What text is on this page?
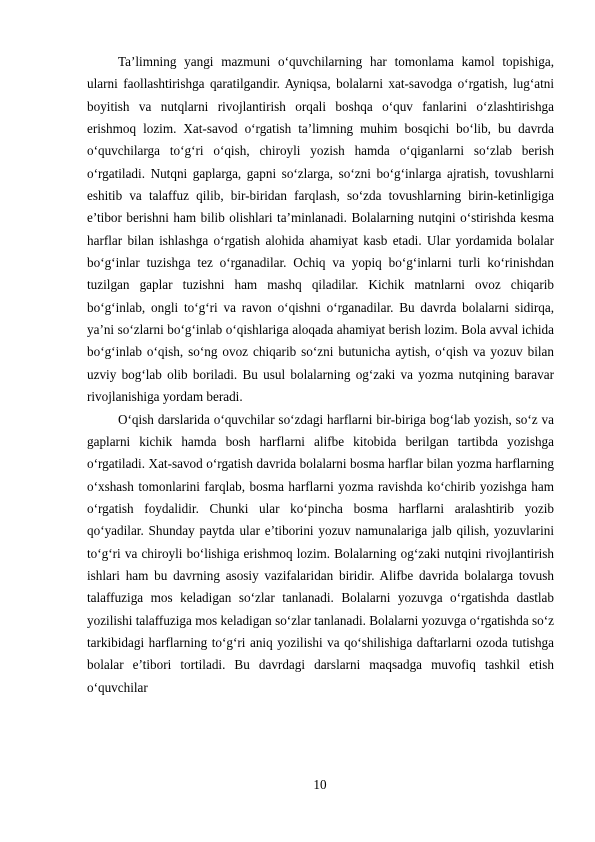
Ta’limning yangi mazmuni o‘quvchilarning har tomonlama kamol topishiga, ularni faollashtirishga qaratilgandir. Ayniqsa, bolalarni xat-savodga o‘rgatish, lug‘atni boyitish va nutqlarni rivojlantirish orqali boshqa o‘quv fanlarini o‘zlashtirishga erishmoq lozim. Xat-savod o‘rgatish ta’limning muhim bosqichi bo‘lib, bu davrda o‘quvchilarga to‘g‘ri o‘qish, chiroyli yozish hamda o‘qiganlarni so‘zlab berish o‘rgatiladi. Nutqni gaplarga, gapni so‘zlarga, so‘zni bo‘g‘inlarga ajratish, tovushlarni eshitib va talaffuz qilib, bir-biridan farqlash, so‘zda tovushlarning birin-ketinligiga e’tibor berishni ham bilib olishlari ta’minlanadi. Bolalarning nutqini o‘stirishda kesma harflar bilan ishlashga o‘rgatish alohida ahamiyat kasb etadi. Ular yordamida bolalar bo‘g‘inlar tuzishga tez o‘rganadilar. Ochiq va yopiq bo‘g‘inlarni turli ko‘rinishdan tuzilgan gaplar tuzishni ham mashq qiladilar. Kichik matnlarni ovoz chiqarib bo‘g‘inlab, ongli to‘g‘ri va ravon o‘qishni o‘rganadilar. Bu davrda bolalarni sidirqa, ya’ni so‘zlarni bo‘g‘inlab o‘qishlariga aloqada ahamiyat berish lozim. Bola avval ichida bo‘g‘inlab o‘qish, so‘ng ovoz chiqarib so‘zni butunicha aytish, o‘qish va yozuv bilan uzviy bog‘lab olib boriladi. Bu usul bolalarning og‘zaki va yozma nutqining baravar rivojlanishiga yordam beradi.

O‘qish darslarida o‘quvchilar so‘zdagi harflarni bir-biriga bog‘lab yozish, so‘z va gaplarni kichik hamda bosh harflarni alifbe kitobida berilgan tartibda yozishga o‘rgatiladi. Xat-savod o‘rgatish davrida bolalarni bosma harflar bilan yozma harflarning o‘xshash tomonlarini farqlab, bosma harflarni yozma ravishda ko‘chirib yozishga ham o‘rgatish foydalidir. Chunki ular ko‘pincha bosma harflarni aralashtirib yozib qo‘yadilar. Shunday paytda ular e’tiborini yozuv namunalariga jalb qilish, yozuvlarini to‘g‘ri va chiroyli bo‘lishiga erishmoq lozim. Bolalarning og‘zaki nutqini rivojlantirish ishlari ham bu davrning asosiy vazifalaridan biridir. Alifbe davrida bolalarga tovush talaffuziga mos keladigan so‘zlar tanlanadi. Bolalarni yozuvga o‘rgatishda dastlab yozilishi talaffuziga mos keladigan so‘zlar tanlanadi. Bolalarni yozuvga o‘rgatishda so‘z tarkibidagi harflarning to‘g‘ri aniq yozilishi va qo‘shilishiga daftarlarni ozoda tutishga bolalar e’tibori tortiladi. Bu davrdagi darslarni maqsadga muvofiq tashkil etish o‘quvchilar

10
